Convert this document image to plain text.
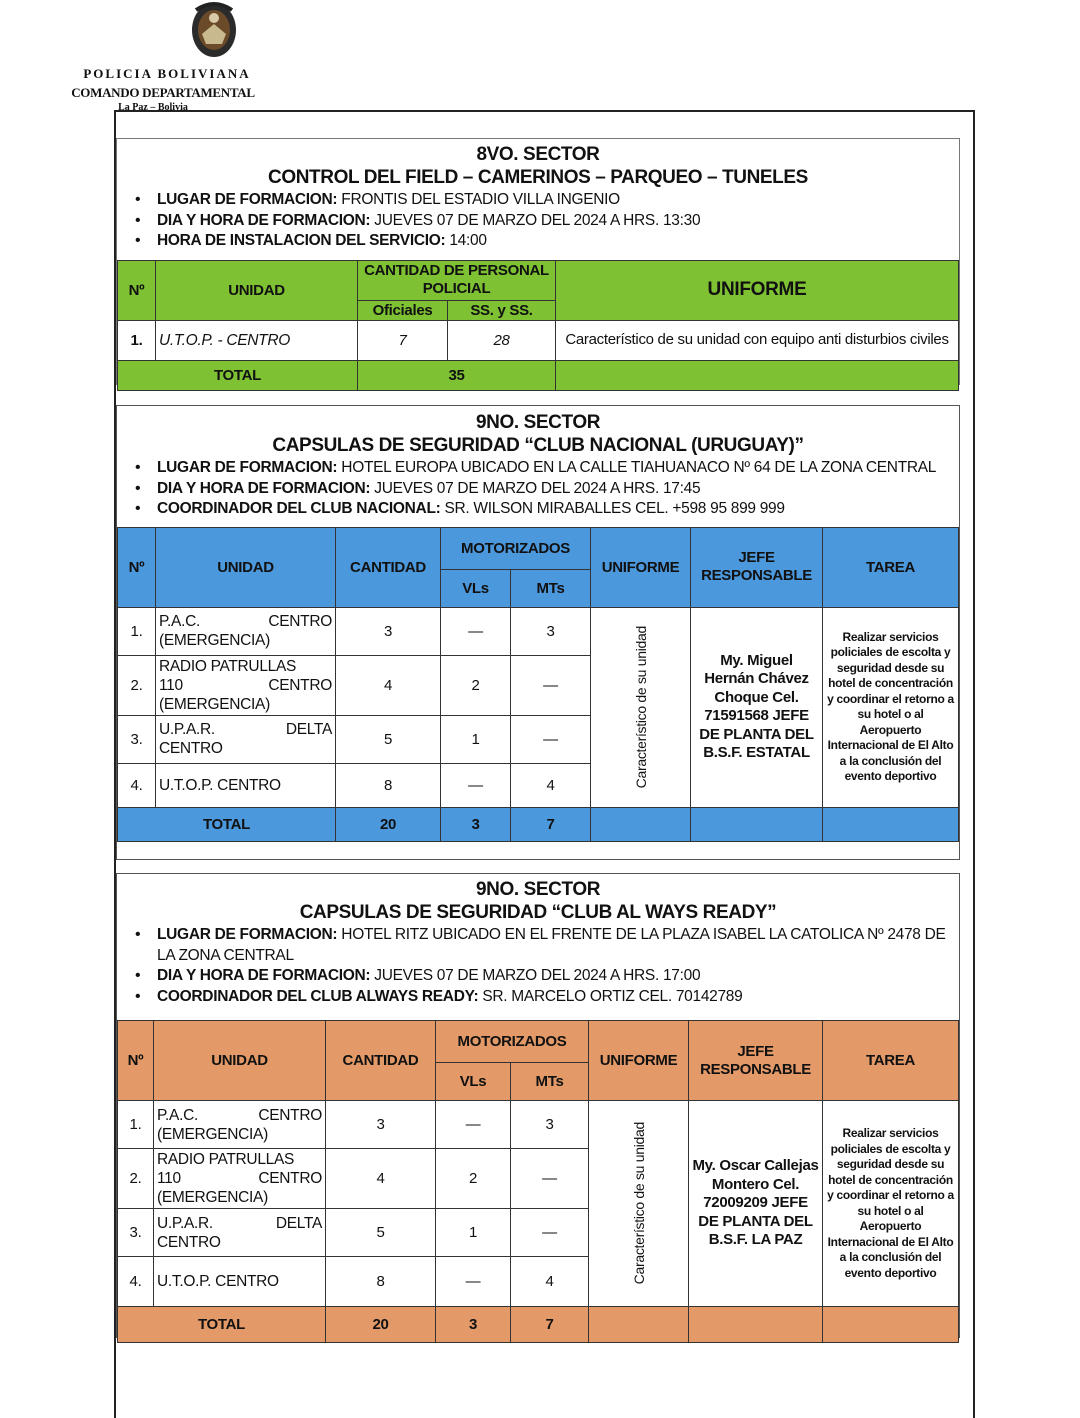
POLICIA BOLIVIANA
COMANDO DEPARTAMENTAL
La Paz – Bolivia
8VO. SECTOR
CONTROL DEL FIELD – CAMERINOS – PARQUEO – TUNELES
• LUGAR DE FORMACION: FRONTIS DEL ESTADIO VILLA INGENIO
• DIA Y HORA DE FORMACION: JUEVES 07 DE MARZO DEL 2024 A HRS. 13:30
• HORA DE INSTALACION DEL SERVICIO: 14:00
Nº	UNIDAD	CANTIDAD DE PERSONAL POLICIAL		UNIFORME
		Oficiales	SS. y SS.	
1.	U.T.O.P. - CENTRO	7	28	Característico de su unidad con equipo anti disturbios civiles
TOTAL		35		
9NO. SECTOR
CAPSULAS DE SEGURIDAD “CLUB NACIONAL (URUGUAY)”
• LUGAR DE FORMACION: HOTEL EUROPA UBICADO EN LA CALLE TIAHUANACO Nº 64 DE LA ZONA CENTRAL
• DIA Y HORA DE FORMACION: JUEVES 07 DE MARZO DEL 2024 A HRS. 17:45
• COORDINADOR DEL CLUB NACIONAL: SR. WILSON MIRABALLES CEL. +598 95 899 999
Nº	UNIDAD	CANTIDAD	MOTORIZADOS		UNIFORME	JEFE RESPONSABLE	TAREA
			VLs	MTs			
1.	P.A.C. CENTRO
(EMERGENCIA)	3	—	3	Característico de su unidad	My. Miguel Hernán Chávez Choque Cel. 71591568 JEFE DE PLANTA DEL B.S.F. ESTATAL	Realizar servicios policiales de escolta y seguridad desde su hotel de concentración y coordinar el retorno a su hotel o al Aeropuerto Internacional de El Alto a la conclusión del evento deportivo
2.	RADIO PATRULLAS
110 CENTRO
(EMERGENCIA)	4	2	—			
3.	U.P.A.R. DELTA
CENTRO	5	1	—			
4.	U.T.O.P. CENTRO	8	—	4			
TOTAL		20	3	7			
9NO. SECTOR
CAPSULAS DE SEGURIDAD “CLUB AL WAYS READY”
• LUGAR DE FORMACION: HOTEL RITZ UBICADO EN EL FRENTE DE LA PLAZA ISABEL LA CATOLICA Nº 2478 DE LA ZONA CENTRAL
• DIA Y HORA DE FORMACION: JUEVES 07 DE MARZO DEL 2024 A HRS. 17:00
• COORDINADOR DEL CLUB ALWAYS READY: SR. MARCELO ORTIZ CEL. 70142789
Nº	UNIDAD	CANTIDAD	MOTORIZADOS		UNIFORME	JEFE RESPONSABLE	TAREA
			VLs	MTs			
1.	P.A.C. CENTRO
(EMERGENCIA)	3	—	3	Característico de su unidad	My. Oscar Callejas Montero Cel. 72009209 JEFE DE PLANTA DEL B.S.F. LA PAZ	Realizar servicios policiales de escolta y seguridad desde su hotel de concentración y coordinar el retorno a su hotel o al Aeropuerto Internacional de El Alto a la conclusión del evento deportivo
2.	RADIO PATRULLAS
110 CENTRO
(EMERGENCIA)	4	2	—			
3.	U.P.A.R. DELTA
CENTRO	5	1	—			
4.	U.T.O.P. CENTRO	8	—	4			
TOTAL		20	3	7			
